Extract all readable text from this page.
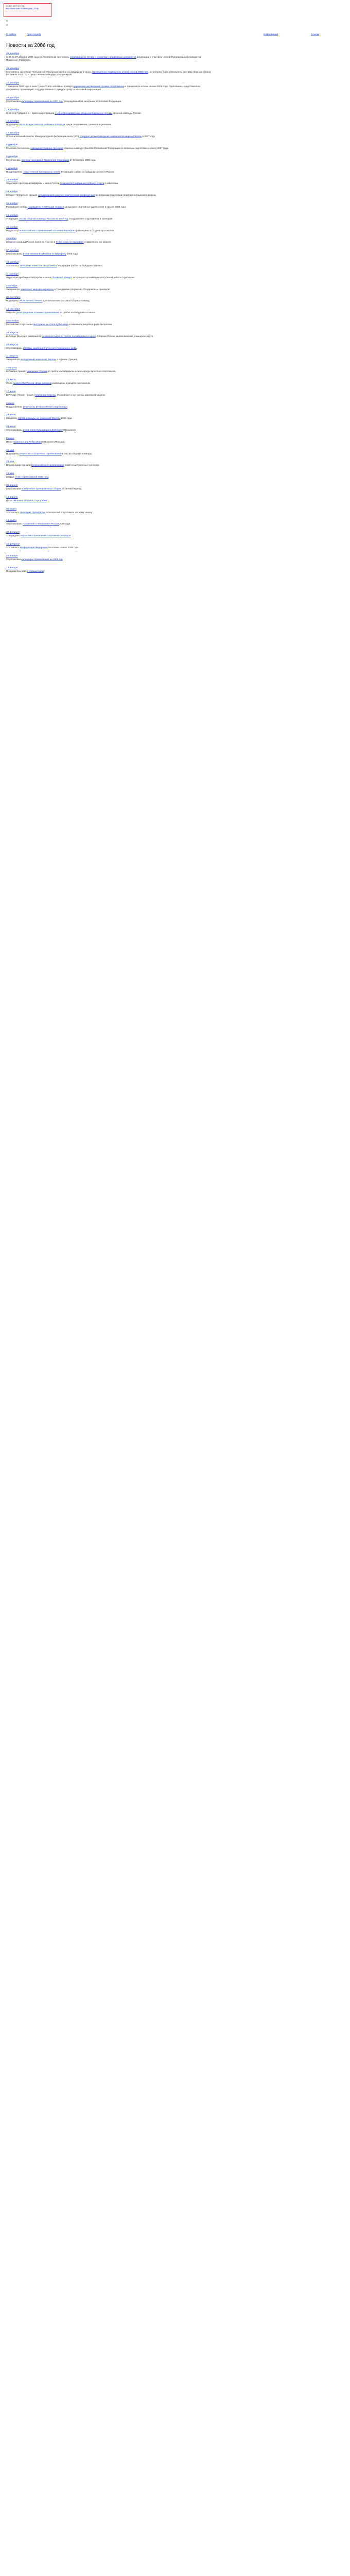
10 ЛЕТ ДНЯ ФОТО
http://www.ssfsr.ru/news/year_2006/
...
О гребле	Прес-служба	Информация	Ссылки
Новости за 2006 год
29 декабря
С 26 по 27 декабря 2006 года в г. Челябинске состоялись переговоры по Уставу и проектам Нормативных документов федерации с участием членов Президиума и руководства Правления Росспорта.
26 декабря
Состоялось заседание Президиума Федерации гребли на байдарках и каноэ, посвящённое подведению итогов сезона 2006 года, на котором были утверждены составы сборных команд России на 2007 год и представлены кандидатуры тренеров.
22 декабря
7 февраля 2007 года в зале Гранд-Отеля «Москва» пройдёт церемония награждения лучших спортсменов и тренеров по итогам сезона 2006 года. Приглашены представители спортивных организаций, государственных структур и средств массовой информации.
20 декабря
Опубликован календарь соревнований на 2007 год, утверждённый на заседании Исполкома Федерации.
19 декабря
С 15 по 17 декабря в г. Краснодаре прошли учебно-тренировочные сборы молодёжного состава сборной команды России.
15 декабря
Подведены итоги Всероссийского рейтинга 2006 года среди спортсменов, тренеров и регионов.
12 декабря
Исполнительный комитет Международной федерации каноэ (ICF) утвердил даты проведения чемпионатов мира и Европы в 2007 году.
8 декабря
В Москве состоялось совещание главных тренеров сборных команд субъектов Российской Федерации по вопросам подготовки к сезону 2007 года.
5 декабря
Опубликован протокол заседания Правления Федерации от 30 ноября 2006 года.
1 декабря
Представляем новых членов тренерского совета Федерации гребли на байдарках и каноэ России.
28 ноября
Федерация гребли на байдарках и каноэ России поздравляет ветеранов гребного спорта с юбилеями.
24 ноября
В Санкт-Петербурге прошла международная научно-практическая конференция по вопросам подготовки спортсменов высокого класса.
20 ноября
Российские гребцы награждены почётными знаками за высокие спортивные достижения в сезоне 2006 года.
16 ноября
Утверждён состав сборной команды России на 2007 год. Поздравляем спортсменов и тренеров!
10 ноября
Результаты Всероссийских соревнований «Осенний марафон» размещены в разделе протоколов.
3 ноября
Сборная команда России приняла участие в Кубке мира по марафону и завоевала три медали.
27 октября
Опубликованы итоги чемпионата России по марафону 2006 года.
19 октября
Состоялось заседание комиссии спортсменов Федерации гребли на байдарках и каноэ.
11 октября
Федерация гребли на байдарках и каноэ объявляет конкурс на лучшую организацию спортивной работы в регионах.
2 октября
Завершился чемпионат мира по марафону в Трондхейме (Норвегия). Поздравляем призёров!
22 сентября
Подведены итоги летнего сезона для юношеских составов сборных команд.
14 сентября
Открыта регистрация на осенние соревнования по гребле на байдарках и каноэ.
5 сентября
Российские спортсмены выступили на этапе Кубка мира и завоевали медали в ряде дисциплин.
28 августа
В Сегеде (Венгрия) завершился чемпионат мира по гребле на байдарках и каноэ. Сборная России заняла высокое командное место.
20 августа
Опубликованы составы команд для участия в чемпионате мира.
11 августа
Завершился молодёжный чемпионат Европы в Афинах (Греция).
2 августа
В Самаре прошёл чемпионат России по гребле на байдарках и каноэ среди взрослых спортсменов.
25 июля
Итоги первенства России среди юниоров размещены в разделе протоколов.
17 июля
В Рачице (Чехия) прошёл чемпионат Европы. Российские спортсмены завоевали медали.
8 июля
Представлены результаты Всероссийской спартакиады.
29 июня
Объявлен состав команды на чемпионат Европы 2006 года.
20 июня
Опубликованы итоги этапа Кубка мира в Дуйсбурге (Германия).
9 июня
Итоги первого этапа Кубка мира в Познани (Польша).
31 мая
Подведены результаты отборочных соревнований в состав сборной команды.
22 мая
В Краснодаре прошли Всероссийские соревнования памяти заслуженных тренеров.
12 мая
Открыт сезон соревнований 2006 года.
28 апреля
Опубликован план учебно-тренировочных сборов на летний период.
14 апреля
Итоги весенних сборов в Португалии.
30 марта
Состоялось заседание Президиума по вопросам подготовки к летнему сезону.
15 марта
Опубликовано положение о чемпионате России 2006 года.
28 февраля
Утверждены нормативы присвоения спортивных разрядов.
10 февраля
Состоялась конференция Федерации по итогам сезона 2005 года.
25 января
Опубликован календарь соревнований на 2006 год.
12 января
Поздравляем всех с Новым годом!
